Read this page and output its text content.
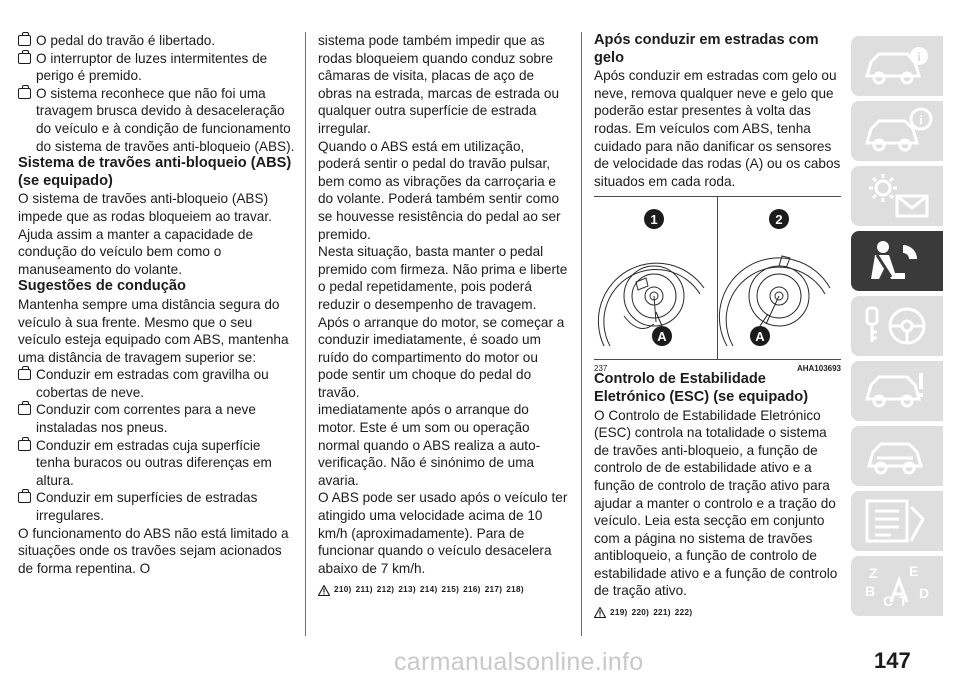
O pedal do travão é libertado.

O interruptor de luzes intermitentes de perigo é premido.

O sistema reconhece que não foi uma travagem brusca devido à desaceleração do veículo e à condição de funcionamento do sistema de travões anti-bloqueio (ABS).

Sistema de travões anti-bloqueio (ABS) (se equipado)

O sistema de travões anti-bloqueio (ABS) impede que as rodas bloqueiem ao travar. Ajuda assim a manter a capacidade de condução do veículo bem como o manuseamento do volante.

Sugestões de condução

Mantenha sempre uma distância segura do veículo à sua frente. Mesmo que o seu veículo esteja equipado com ABS, mantenha uma distância de travagem superior se:

Conduzir em estradas com gravilha ou cobertas de neve.

Conduzir com correntes para a neve instaladas nos pneus.

Conduzir em estradas cuja superfície tenha buracos ou outras diferenças em altura.

Conduzir em superfícies de estradas irregulares.

O funcionamento do ABS não está limitado a situações onde os travões sejam acionados de forma repentina. O

sistema pode também impedir que as rodas bloqueiem quando conduz sobre câmaras de visita, placas de aço de obras na estrada, marcas de estrada ou qualquer outra superfície de estrada irregular.

Quando o ABS está em utilização, poderá sentir o pedal do travão pulsar, bem como as vibrações da carroçaria e do volante. Poderá também sentir como se houvesse resistência do pedal ao ser premido.

Nesta situação, basta manter o pedal premido com firmeza. Não prima e liberte o pedal repetidamente, pois poderá reduzir o desempenho de travagem.

Após o arranque do motor, se começar a conduzir imediatamente, é soado um ruído do compartimento do motor ou pode sentir um choque do pedal do travão.

imediatamente após o arranque do motor. Este é um som ou operação normal quando o ABS realiza a auto-verificação. Não é sinónimo de uma avaria.

O ABS pode ser usado após o veículo ter atingido uma velocidade acima de 10 km/h (aproximadamente). Para de funcionar quando o veículo desacelera abaixo de 7 km/h.

210) 211) 212) 213) 214) 215) 216) 217) 218)
Após conduzir em estradas com gelo

Após conduzir em estradas com gelo ou neve, remova qualquer neve e gelo que poderão estar presentes à volta das rodas. Em veículos com ABS, tenha cuidado para não danificar os sensores de velocidade das rodas (A) ou os cabos situados em cada roda.

1	2
A	A
237	AHA103693
Controlo de Estabilidade Eletrónico (ESC) (se equipado)

O Controlo de Estabilidade Eletrónico (ESC) controla na totalidade o sistema de travões anti-bloqueio, a função de controlo de de estabilidade ativo e a função de controlo de tração ativo para ajudar a manter o controlo e a tração do veículo. Leia esta secção em conjunto com a página no sistema de travões antibloqueio, a função de controlo de estabilidade ativo e a função de controlo de tração ativo.

219) 220) 221) 222)
i
i
Z E
B
C T D
carmanualsonline.info	147
